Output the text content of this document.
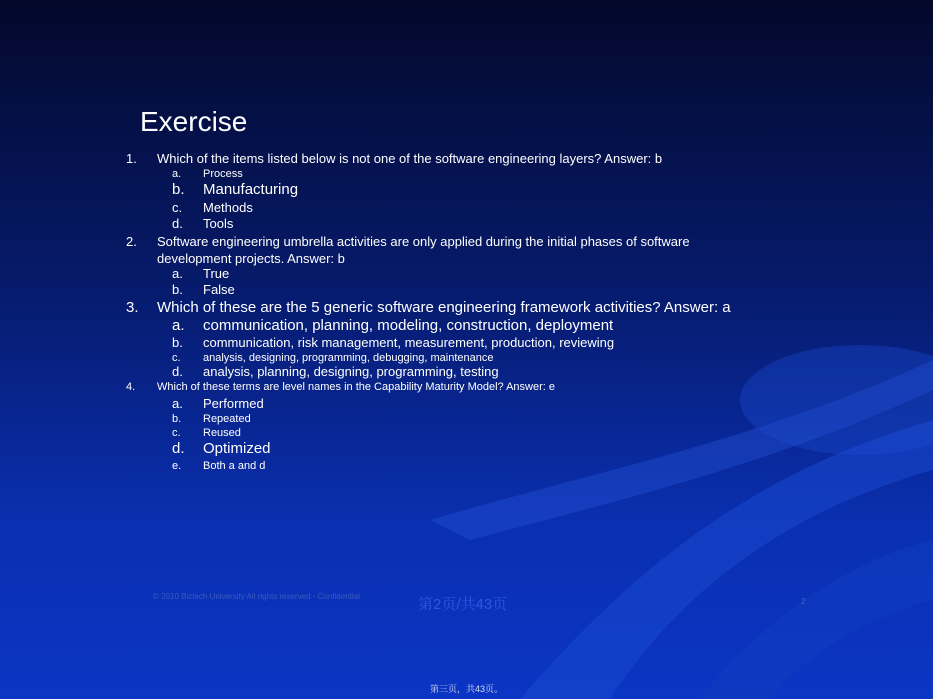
Exercise
1. Which of the items listed below is not one of the software engineering layers? Answer: b
a. Process
b. Manufacturing
c. Methods
d. Tools
2. Software engineering umbrella activities are only applied during the initial phases of software development projects. Answer: b
a. True
b. False
3. Which of these are the 5 generic software engineering framework activities? Answer: a
a. communication, planning, modeling, construction, deployment
b. communication, risk management, measurement, production, reviewing
c. analysis, designing, programming, debugging, maintenance
d. analysis, planning, designing, programming, testing
4. Which of these terms are level names in the Capability Maturity Model? Answer: e
a. Performed
b. Repeated
c. Reused
d. Optimized
e. Both a and d
© 2010 Biztech University All rights reserved - Confidential	第2页/共43页	2
第三页，共43页。
